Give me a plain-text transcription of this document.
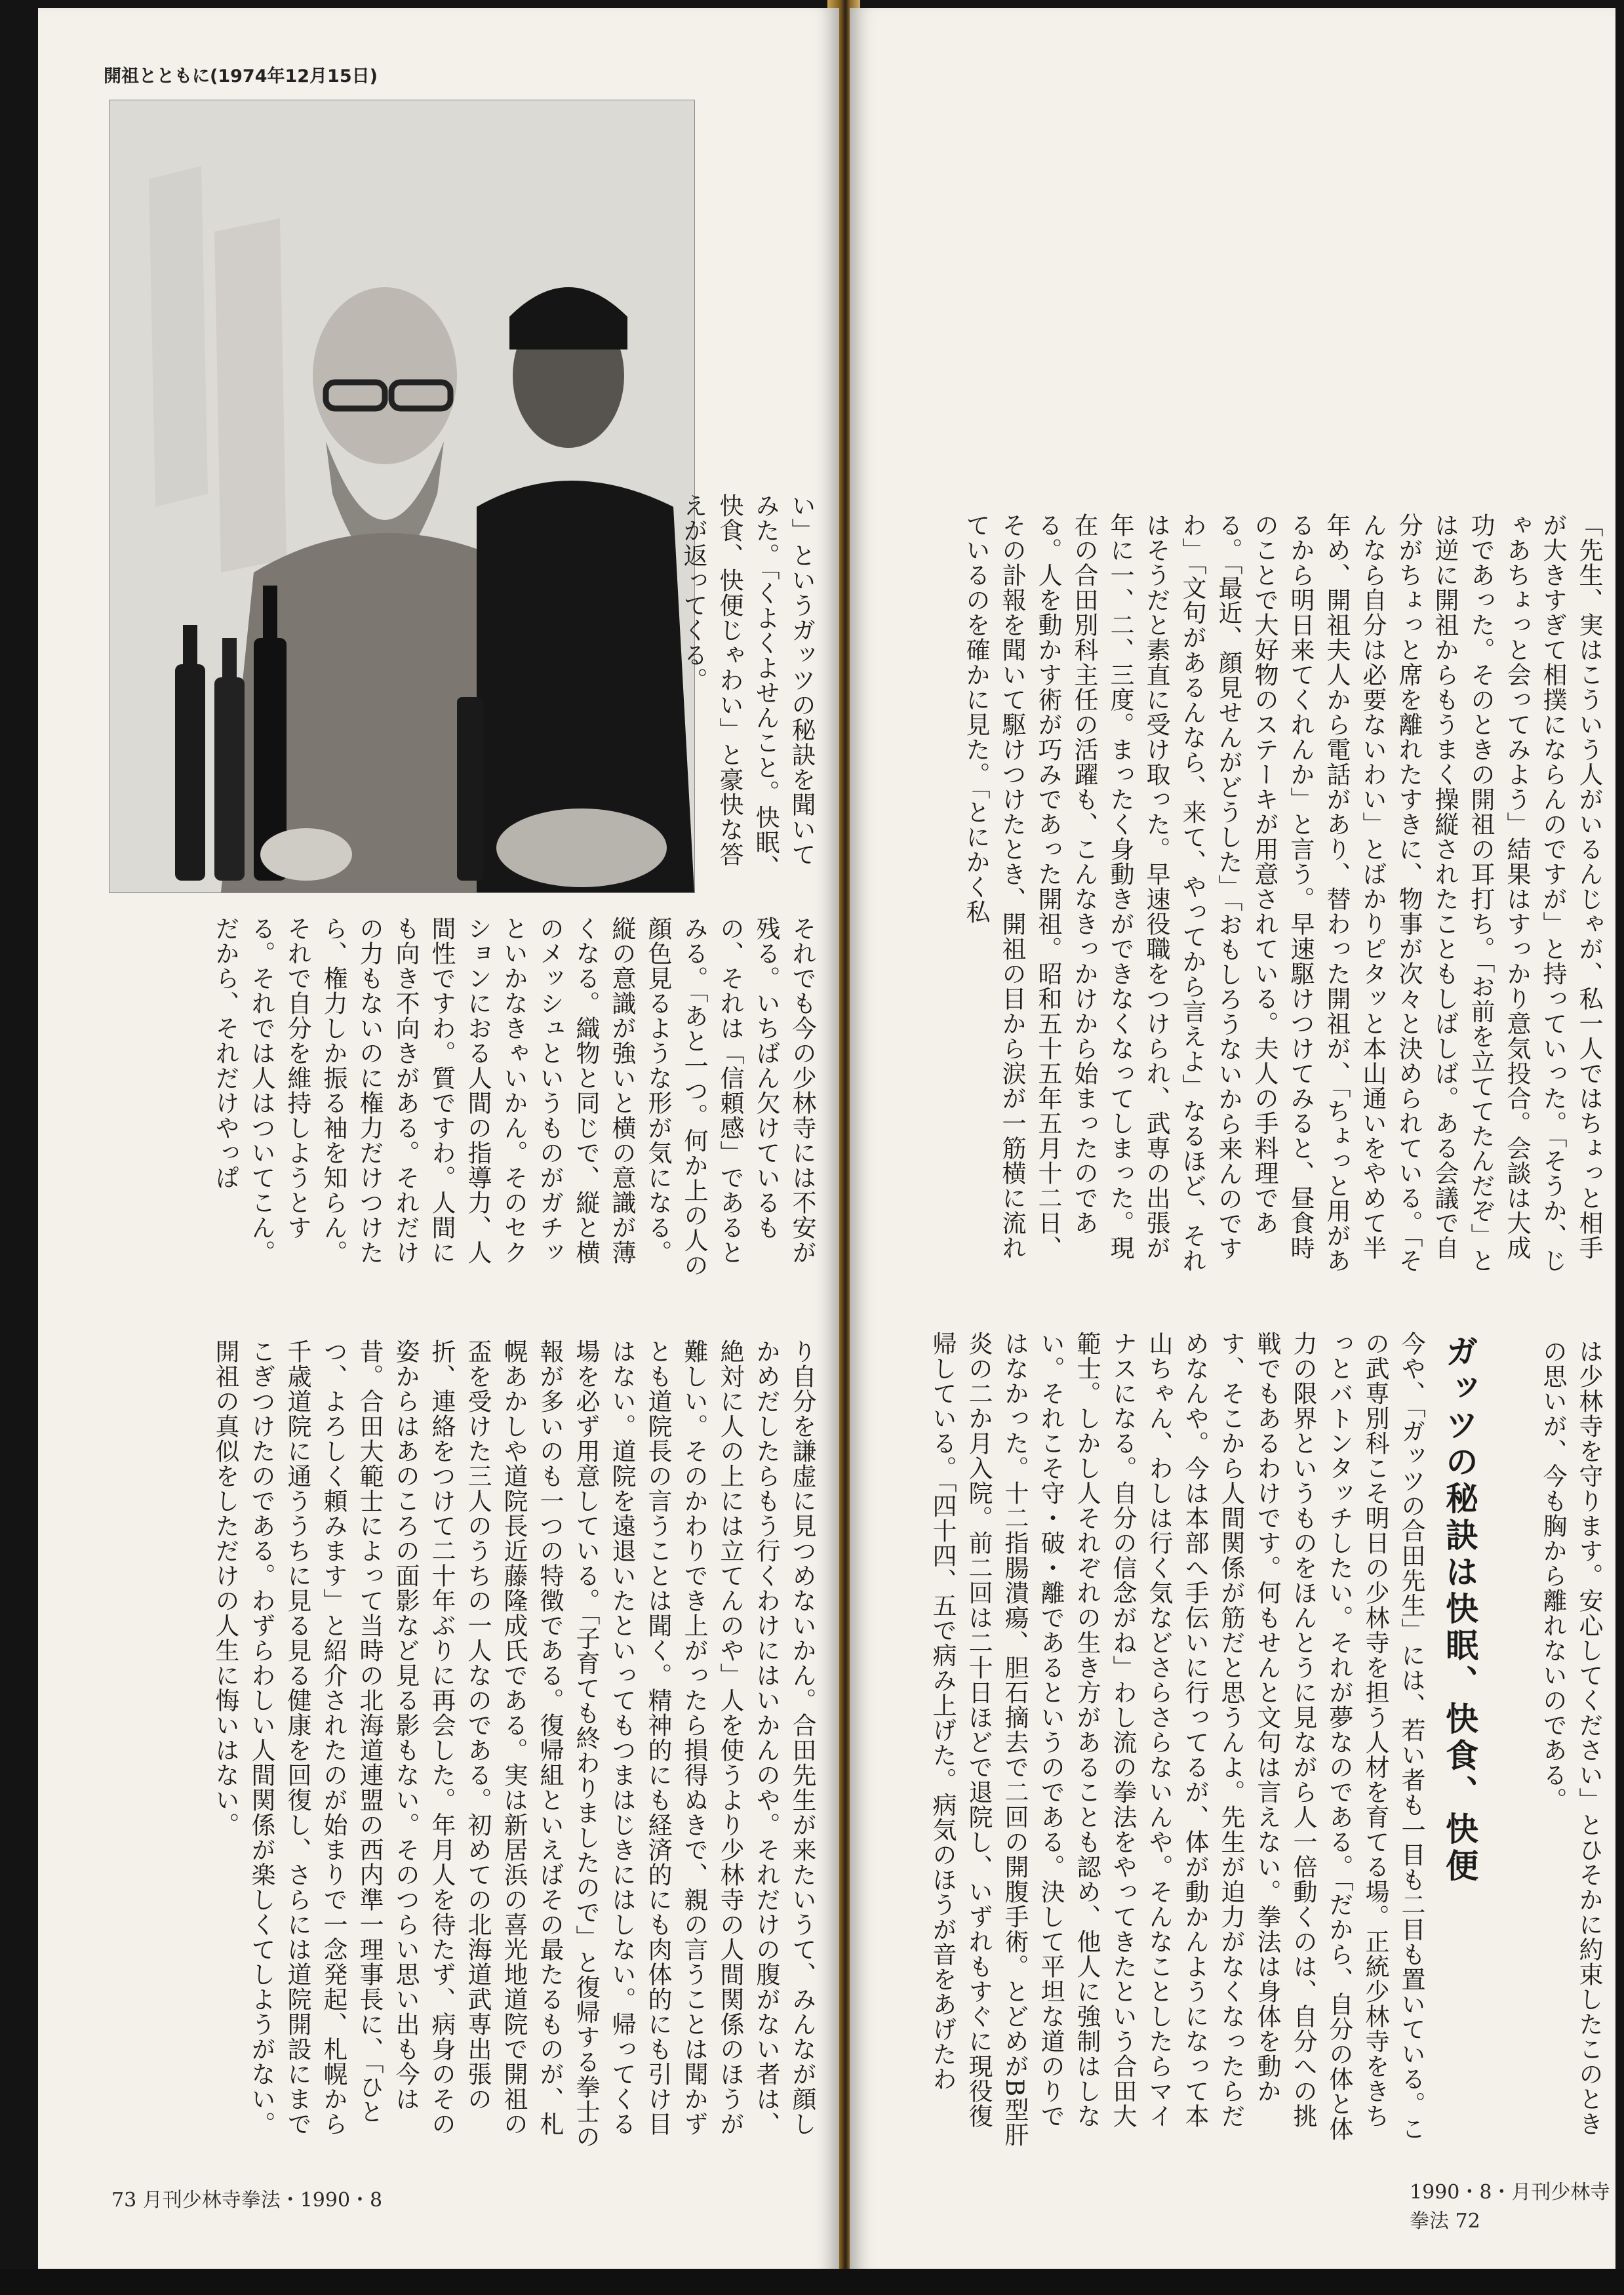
開祖とともに(1974年12月15日)
い」というガッツの秘訣を聞いてみた。「くよくよせんこと。快眠、快食、快便じゃわい」と豪快な答えが返ってくる。
それでも今の少林寺には不安が残る。いちばん欠けているもの、それは「信頼感」であるとみる。「あと一つ。何か上の人の顔色見るような形が気になる。縦の意識が強いと横の意識が薄くなる。織物と同じで、縦と横のメッシュというものがガチッといかなきゃいかん。そのセクションにおる人間の指導力、人間性ですわ。質ですわ。人間にも向き不向きがある。それだけの力もないのに権力だけつけたら、権力しか振る袖を知らん。それで自分を維持しようとする。それでは人はついてこん。だから、それだけやっぱ
り自分を謙虚に見つめないかん。合田先生が来たいうて、みんなが顔しかめだしたらもう行くわけにはいかんのや。それだけの腹がない者は、絶対に人の上には立てんのや」人を使うより少林寺の人間関係のほうが難しい。そのかわりでき上がったら損得ぬきで、親の言うことは聞かずとも道院長の言うことは聞く。精神的にも経済的にも肉体的にも引け目はない。道院を遠退いたといってもつまはじきにはしない。帰ってくる場を必ず用意している。「子育ても終わりましたので」と復帰する拳士の報が多いのも一つの特徴である。復帰組といえばその最たるものが、札幌あかしや道院長近藤隆成氏である。実は新居浜の喜光地道院で開祖の盃を受けた三人のうちの一人なのである。初めての北海道武専出張の折、連絡をつけて二十年ぶりに再会した。年月人を待たず、病身のその姿からはあのころの面影など見る影もない。そのつらい思い出も今は昔。合田大範士によって当時の北海道連盟の西内準一理事長に、「ひとつ、よろしく頼みます」と紹介されたのが始まりで一念発起、札幌から千歳道院に通ううちに見る見る健康を回復し、さらには道院開設にまでこぎつけたのである。わずらわしい人間関係が楽しくてしようがない。開祖の真似をしただけの人生に悔いはない。
73 月刊少林寺拳法・1990・8
「先生、実はこういう人がいるんじゃが、私一人ではちょっと相手が大きすぎて相撲にならんのですが」と持っていった。「そうか、じゃあちょっと会ってみよう」結果はすっかり意気投合。会談は大成功であった。そのときの開祖の耳打ち。「お前を立ててたんだぞ」とは逆に開祖からもうまく操縦されたこともしばしば。ある会議で自分がちょっと席を離れたすきに、物事が次々と決められている。「そんなら自分は必要ないわい」とばかりピタッと本山通いをやめて半年め、開祖夫人から電話があり、替わった開祖が、「ちょっと用があるから明日来てくれんか」と言う。早速駆けつけてみると、昼食時のことで大好物のステーキが用意されている。夫人の手料理である。「最近、顔見せんがどうした」「おもしろうないから来んのですわ」「文句があるんなら、来て、やってから言えよ」なるほど、それはそうだと素直に受け取った。早速役職をつけられ、武専の出張が年に一、二、三度。まったく身動きができなくなってしまった。現在の合田別科主任の活躍も、こんなきっかけから始まったのである。人を動かす術が巧みであった開祖。昭和五十五年五月十二日、その訃報を聞いて駆けつけたとき、開祖の目から涙が一筋横に流れているのを確かに見た。「とにかく私
は少林寺を守ります。安心してください」とひそかに約束したこのときの思いが、今も胸から離れないのである。
ガッツの秘訣は快眠、快食、快便
今や、「ガッツの合田先生」には、若い者も一目も二目も置いている。この武専別科こそ明日の少林寺を担う人材を育てる場。正統少林寺をきちっとバトンタッチしたい。それが夢なのである。「だから、自分の体と体力の限界というものをほんとうに見ながら人一倍動くのは、自分への挑戦でもあるわけです。何もせんと文句は言えない。拳法は身体を動かす、そこから人間関係が筋だと思うんよ。先生が迫力がなくなったらだめなんや。今は本部へ手伝いに行ってるが、体が動かんようになって本山ちゃん、わしは行く気などさらさらないんや。そんなことしたらマイナスになる。自分の信念がね」わし流の拳法をやってきたという合田大範士。しかし人それぞれの生き方があることも認め、他人に強制はしない。それこそ守・破・離であるというのである。決して平坦な道のりではなかった。十二指腸潰瘍、胆石摘去で二回の開腹手術。とどめがB型肝炎の二か月入院。前二回は二十日ほどで退院し、いずれもすぐに現役復帰している。「四十四、五で病み上げた。病気のほうが音をあげたわ
1990・8・月刊少林寺拳法 72
